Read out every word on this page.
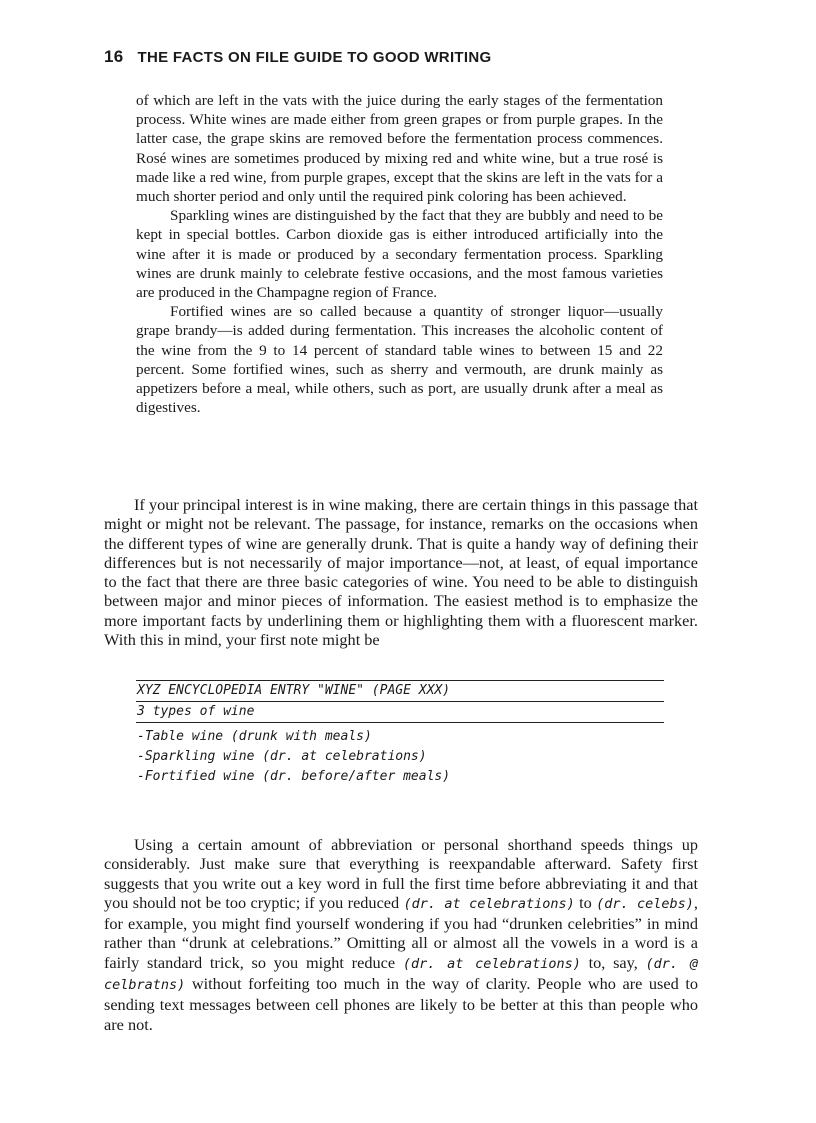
16 THE FACTS ON FILE GUIDE TO GOOD WRITING

of which are left in the vats with the juice during the early stages of the fermentation process. White wines are made either from green grapes or from purple grapes. In the latter case, the grape skins are removed before the fermentation process commences. Rosé wines are sometimes produced by mixing red and white wine, but a true rosé is made like a red wine, from purple grapes, except that the skins are left in the vats for a much shorter period and only until the required pink coloring has been achieved.

Sparkling wines are distinguished by the fact that they are bubbly and need to be kept in special bottles. Carbon dioxide gas is either introduced artificially into the wine after it is made or produced by a secondary fermentation process. Sparkling wines are drunk mainly to celebrate festive occasions, and the most famous varieties are produced in the Champagne region of France.

Fortified wines are so called because a quantity of stronger liquor—usually grape brandy—is added during fermentation. This increases the alcoholic content of the wine from the 9 to 14 percent of standard table wines to between 15 and 22 percent. Some fortified wines, such as sherry and vermouth, are drunk mainly as appetizers before a meal, while others, such as port, are usually drunk after a meal as digestives.

If your principal interest is in wine making, there are certain things in this passage that might or might not be relevant. The passage, for instance, remarks on the occasions when the different types of wine are generally drunk. That is quite a handy way of defining their differences but is not necessarily of major importance—not, at least, of equal importance to the fact that there are three basic categories of wine. You need to be able to distinguish between major and minor pieces of information. The easiest method is to emphasize the more important facts by underlining them or highlighting them with a fluorescent marker. With this in mind, your first note might be

XYZ ENCYCLOPEDIA ENTRY "WINE" (PAGE XXX)
3 types of wine
-Table wine (drunk with meals)
-Sparkling wine (dr. at celebrations)
-Fortified wine (dr. before/after meals)

Using a certain amount of abbreviation or personal shorthand speeds things up considerably. Just make sure that everything is reexpandable afterward. Safety first suggests that you write out a key word in full the first time before abbreviating it and that you should not be too cryptic; if you reduced (dr. at celebrations) to (dr. celebs), for example, you might find yourself wondering if you had “drunken celebrities” in mind rather than “drunk at celebrations.” Omitting all or almost all the vowels in a word is a fairly standard trick, so you might reduce (dr. at celebrations) to, say, (dr. @ celbratns) without forfeiting too much in the way of clarity. People who are used to sending text messages between cell phones are likely to be better at this than people who are not.
